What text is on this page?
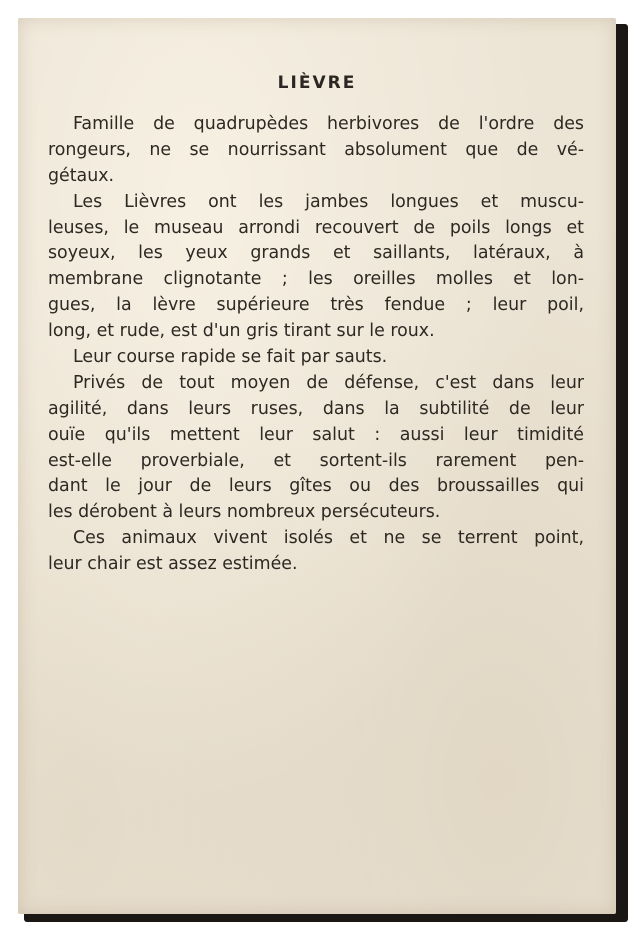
LIÈVRE
Famille de quadrupèdes herbivores de l'ordre des
rongeurs, ne se nourrissant absolument que de vé-
gétaux.
Les Lièvres ont les jambes longues et muscu-
leuses, le museau arrondi recouvert de poils longs et
soyeux, les yeux grands et saillants, latéraux, à
membrane clignotante ; les oreilles molles et lon-
gues, la lèvre supérieure très fendue ; leur poil,
long, et rude, est d'un gris tirant sur le roux.
Leur course rapide se fait par sauts.
Privés de tout moyen de défense, c'est dans leur
agilité, dans leurs ruses, dans la subtilité de leur
ouïe qu'ils mettent leur salut : aussi leur timidité
est-elle proverbiale, et sortent-ils rarement pen-
dant le jour de leurs gîtes ou des broussailles qui
les dérobent à leurs nombreux persécuteurs.
Ces animaux vivent isolés et ne se terrent point,
leur chair est assez estimée.
